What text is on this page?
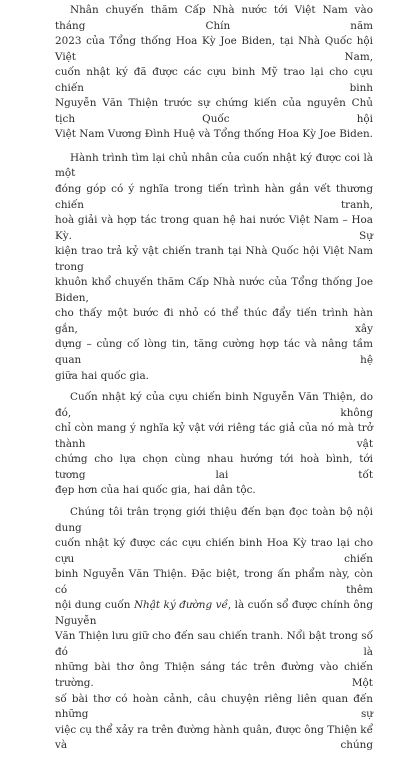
Nhân chuyến thăm Cấp Nhà nước tới Việt Nam vào tháng Chín năm
2023 của Tổng thống Hoa Kỳ Joe Biden, tại Nhà Quốc hội Việt Nam,
cuốn nhật ký đã được các cựu binh Mỹ trao lại cho cựu chiến binh
Nguyễn Văn Thiện trước sự chứng kiến của nguyên Chủ tịch Quốc hội
Việt Nam Vương Đình Huệ và Tổng thống Hoa Kỳ Joe Biden.
Hành trình tìm lại chủ nhân của cuốn nhật ký được coi là một
đóng góp có ý nghĩa trong tiến trình hàn gắn vết thương chiến tranh,
hoà giải và hợp tác trong quan hệ hai nước Việt Nam – Hoa Kỳ. Sự
kiện trao trả kỷ vật chiến tranh tại Nhà Quốc hội Việt Nam trong
khuôn khổ chuyến thăm Cấp Nhà nước của Tổng thống Joe Biden,
cho thấy một bước đi nhỏ có thể thúc đẩy tiến trình hàn gắn, xây
dựng – củng cố lòng tin, tăng cường hợp tác và nâng tầm quan hệ
giữa hai quốc gia.
Cuốn nhật ký của cựu chiến binh Nguyễn Văn Thiện, do đó, không
chỉ còn mang ý nghĩa kỷ vật với riêng tác giả của nó mà trở thành vật
chứng cho lựa chọn cùng nhau hướng tới hoà bình, tới tương lai tốt
đẹp hơn của hai quốc gia, hai dân tộc.
Chúng tôi trân trọng giới thiệu đến bạn đọc toàn bộ nội dung
cuốn nhật ký được các cựu chiến binh Hoa Kỳ trao lại cho cựu chiến
binh Nguyễn Văn Thiện. Đặc biệt, trong ấn phẩm này, còn có thêm
nội dung cuốn Nhật ký đường về, là cuốn sổ được chính ông Nguyễn
Văn Thiện lưu giữ cho đến sau chiến tranh. Nổi bật trong số đó là
những bài thơ ông Thiện sáng tác trên đường vào chiến trường. Một
số bài thơ có hoàn cảnh, câu chuyện riêng liên quan đến những sự
việc cụ thể xảy ra trên đường hành quân, được ông Thiện kể và chúng
